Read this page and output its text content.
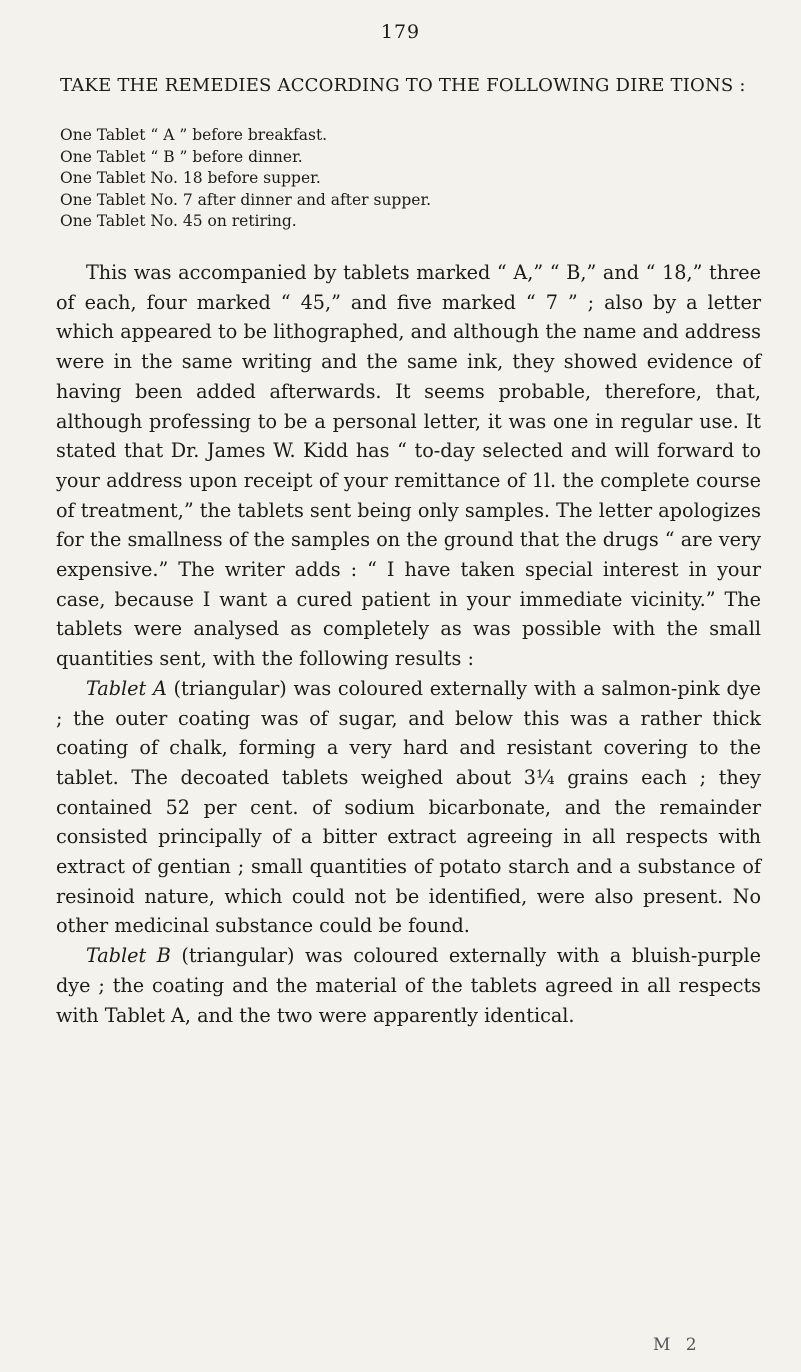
179
TAKE THE REMEDIES ACCORDING TO THE FOLLOWING DIRE TIONS :
One Tablet “ A ” before breakfast.
One Tablet “ B ” before dinner.
One Tablet No. 18 before supper.
One Tablet No. 7 after dinner and after supper.
One Tablet No. 45 on retiring.

This was accompanied by tablets marked “ A,” “ B,” and “ 18,” three of each, four marked “ 45,” and five marked “ 7 ” ; also by a letter which appeared to be lithographed, and although the name and address were in the same writing and the same ink, they showed evidence of having been added afterwards. It seems probable, therefore, that, although professing to be a personal letter, it was one in regular use. It stated that Dr. James W. Kidd has “ to-day selected and will forward to your address upon receipt of your remittance of 1l. the complete course of treatment,” the tablets sent being only samples. The letter apologizes for the smallness of the samples on the ground that the drugs “ are very expensive.” The writer adds : “ I have taken special interest in your case, because I want a cured patient in your immediate vicinity.” The tablets were analysed as completely as was possible with the small quantities sent, with the following results :

Tablet A (triangular) was coloured externally with a salmon-pink dye ; the outer coating was of sugar, and below this was a rather thick coating of chalk, forming a very hard and resistant covering to the tablet. The decoated tablets weighed about 3¼ grains each ; they contained 52 per cent. of sodium bicarbonate, and the remainder consisted principally of a bitter extract agreeing in all respects with extract of gentian ; small quantities of potato starch and a substance of resinoid nature, which could not be identified, were also present. No other medicinal substance could be found.

Tablet B (triangular) was coloured externally with a bluish-purple dye ; the coating and the material of the tablets agreed in all respects with Tablet A, and the two were apparently identical.

M 2
